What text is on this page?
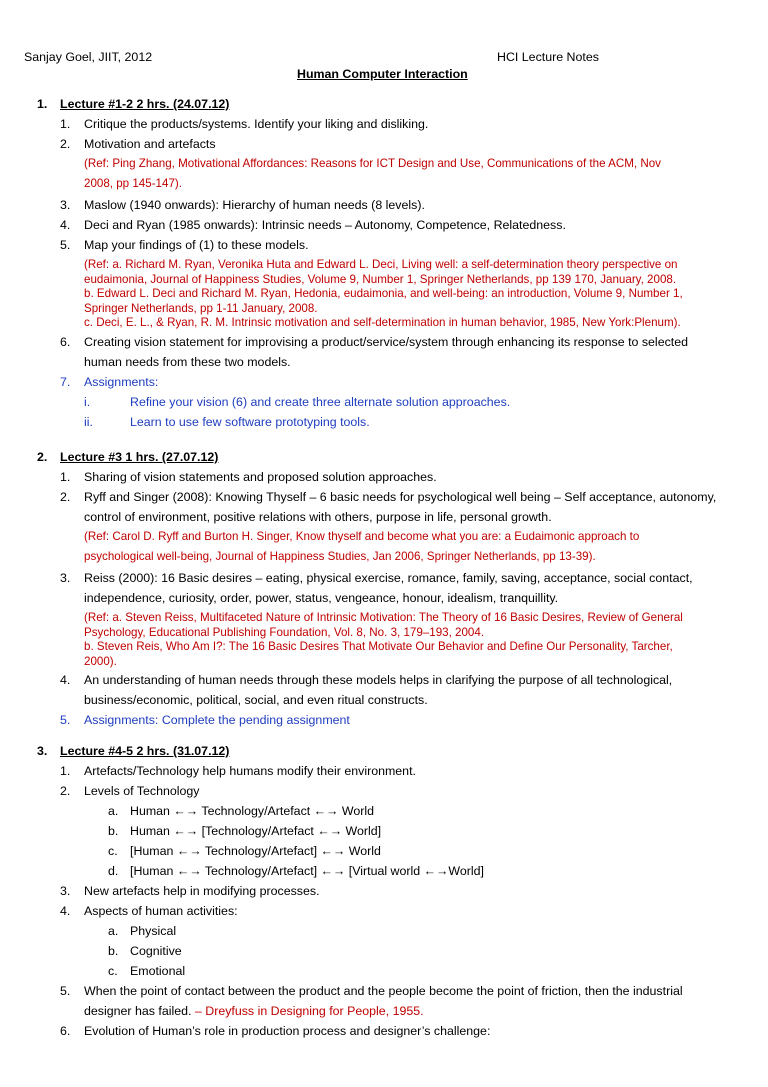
Sanjay Goel, JIIT, 2012	HCI Lecture Notes
Human Computer Interaction
1. Lecture #1-2 2 hrs. (24.07.12)
1. Critique the products/systems. Identify your liking and disliking.
2. Motivation and artefacts
(Ref: Ping Zhang, Motivational Affordances: Reasons for ICT Design and Use, Communications of the ACM, Nov
2008, pp 145-147).
3. Maslow (1940 onwards): Hierarchy of human needs (8 levels).
4. Deci and Ryan (1985 onwards): Intrinsic needs – Autonomy, Competence, Relatedness.
5. Map your findings of (1) to these models.
(Ref: a. Richard M. Ryan, Veronika Huta and Edward L. Deci, Living well: a self-determination theory perspective on
eudaimonia, Journal of Happiness Studies, Volume 9, Number 1, Springer Netherlands, pp 139 170, January, 2008.
b. Edward L. Deci and Richard M. Ryan, Hedonia, eudaimonia, and well-being: an introduction, Volume 9, Number 1,
Springer Netherlands, pp 1-11 January, 2008.
c. Deci, E. L., & Ryan, R. M. Intrinsic motivation and self-determination in human behavior, 1985, New York:Plenum).
6. Creating vision statement for improvising a product/service/system through enhancing its response to selected
human needs from these two models.
7. Assignments:
i.	Refine your vision (6) and create three alternate solution approaches.
ii.	Learn to use few software prototyping tools.
2. Lecture #3 1 hrs. (27.07.12)
1. Sharing of vision statements and proposed solution approaches.
2. Ryff and Singer (2008): Knowing Thyself – 6 basic needs for psychological well being – Self acceptance, autonomy,
control of environment, positive relations with others, purpose in life, personal growth.
(Ref: Carol D. Ryff and Burton H. Singer, Know thyself and become what you are: a Eudaimonic approach to
psychological well-being, Journal of Happiness Studies, Jan 2006, Springer Netherlands, pp 13-39).
3. Reiss (2000): 16 Basic desires – eating, physical exercise, romance, family, saving, acceptance, social contact,
independence, curiosity, order, power, status, vengeance, honour, idealism, tranquillity.
(Ref: a. Steven Reiss, Multifaceted Nature of Intrinsic Motivation: The Theory of 16 Basic Desires, Review of General
Psychology, Educational Publishing Foundation, Vol. 8, No. 3, 179–193, 2004.
b. Steven Reis, Who Am I?: The 16 Basic Desires That Motivate Our Behavior and Define Our Personality, Tarcher,
2000).
4. An understanding of human needs through these models helps in clarifying the purpose of all technological,
business/economic, political, social, and even ritual constructs.
5. Assignments: Complete the pending assignment
3. Lecture #4-5 2 hrs. (31.07.12)
1. Artefacts/Technology help humans modify their environment.
2. Levels of Technology
a. Human ←→ Technology/Artefact ←→ World
b. Human ←→ [Technology/Artefact ←→ World]
c. [Human ←→ Technology/Artefact] ←→ World
d. [Human ←→ Technology/Artefact] ←→ [Virtual world ←→World]
3. New artefacts help in modifying processes.
4. Aspects of human activities:
a. Physical
b. Cognitive
c. Emotional
5. When the point of contact between the product and the people become the point of friction, then the industrial
designer has failed. – Dreyfuss in Designing for People, 1955.
6. Evolution of Human’s role in production process and designer’s challenge:
